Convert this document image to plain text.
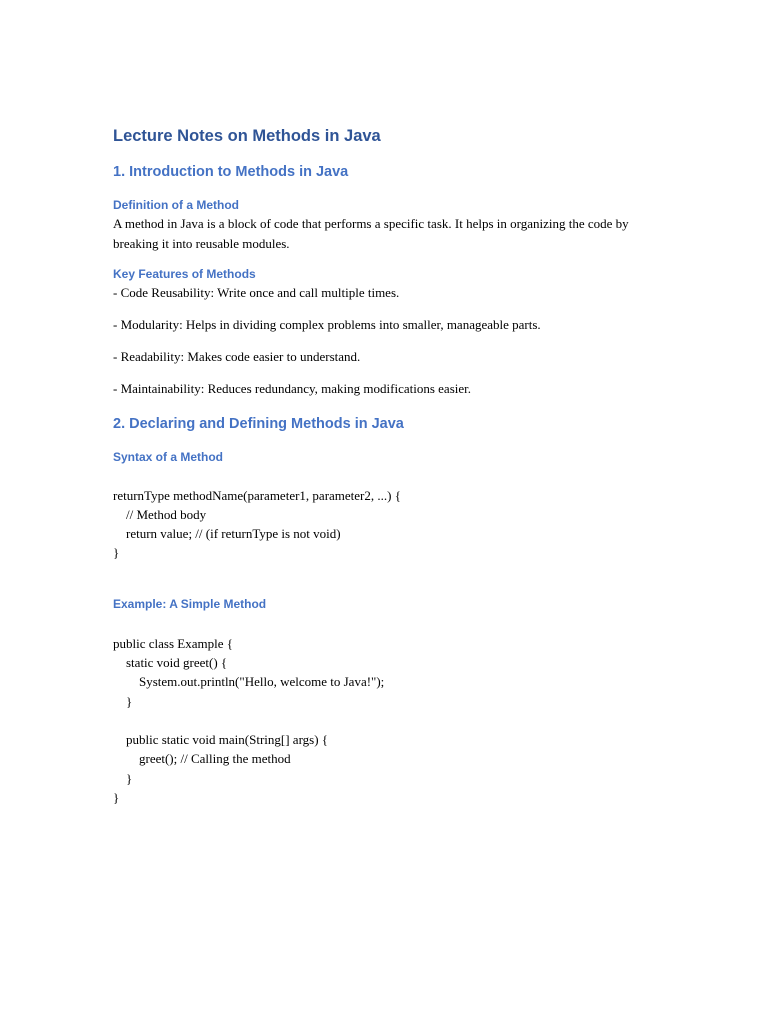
Lecture Notes on Methods in Java
1. Introduction to Methods in Java
Definition of a Method

A method in Java is a block of code that performs a specific task. It helps in organizing the code by breaking it into reusable modules.

Key Features of Methods

- Code Reusability: Write once and call multiple times.

- Modularity: Helps in dividing complex problems into smaller, manageable parts.

- Readability: Makes code easier to understand.

- Maintainability: Reduces redundancy, making modifications easier.

2. Declaring and Defining Methods in Java
Syntax of a Method
returnType methodName(parameter1, parameter2, ...) {
// Method body
return value; // (if returnType is not void)
}
Example: A Simple Method
public class Example {
static void greet() {
System.out.println("Hello, welcome to Java!");
}
public static void main(String[] args) {
greet(); // Calling the method
}
}
